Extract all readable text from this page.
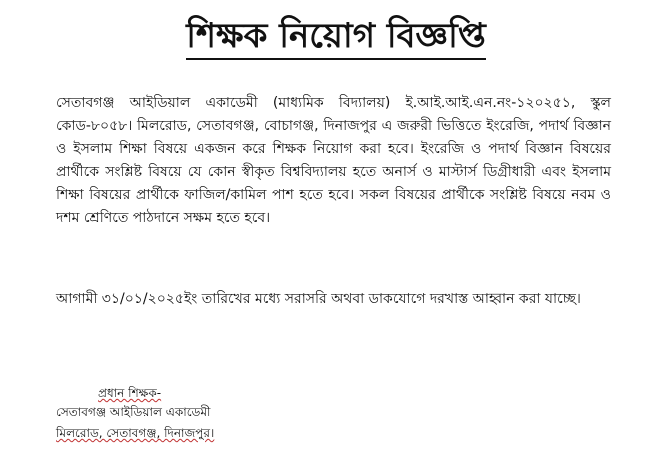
শিক্ষক নিয়োগ বিজ্ঞপ্তি

সেতাবগঞ্জ আইডিয়াল একাডেমী (মাধ্যমিক বিদ্যালয়) ই.আই.আই.এন.নং-১২০২৫১, স্কুল কোড-৮০৫৮। মিলরোড, সেতাবগঞ্জ, বোচাগঞ্জ, দিনাজপুর এ জরুরী ভিত্তিতে ইংরেজি, পদার্থ বিজ্ঞান ও ইসলাম শিক্ষা বিষয়ে একজন করে শিক্ষক নিয়োগ করা হবে। ইংরেজি ও পদার্থ বিজ্ঞান বিষয়ের প্রার্থীকে সংশ্লিষ্ট বিষয়ে যে কোন স্বীকৃত বিশ্ববিদ্যালয় হতে অনার্স ও মাস্টার্স ডিগ্রীধারী এবং ইসলাম শিক্ষা বিষয়ের প্রার্থীকে ফাজিল/কামিল পাশ হতে হবে। সকল বিষয়ের প্রার্থীকে সংশ্লিষ্ট বিষয়ে নবম ও দশম শ্রেণিতে পাঠদানে সক্ষম হতে হবে।

আগামী ৩১/০১/২০২৫ইং তারিখের মধ্যে সরাসরি অথবা ডাকযোগে দরখাস্ত আহ্বান করা যাচ্ছে।

প্রধান শিক্ষক-
সেতাবগঞ্জ আইডিয়াল একাডেমী
মিলরোড, সেতাবগঞ্জ, দিনাজপুর।
